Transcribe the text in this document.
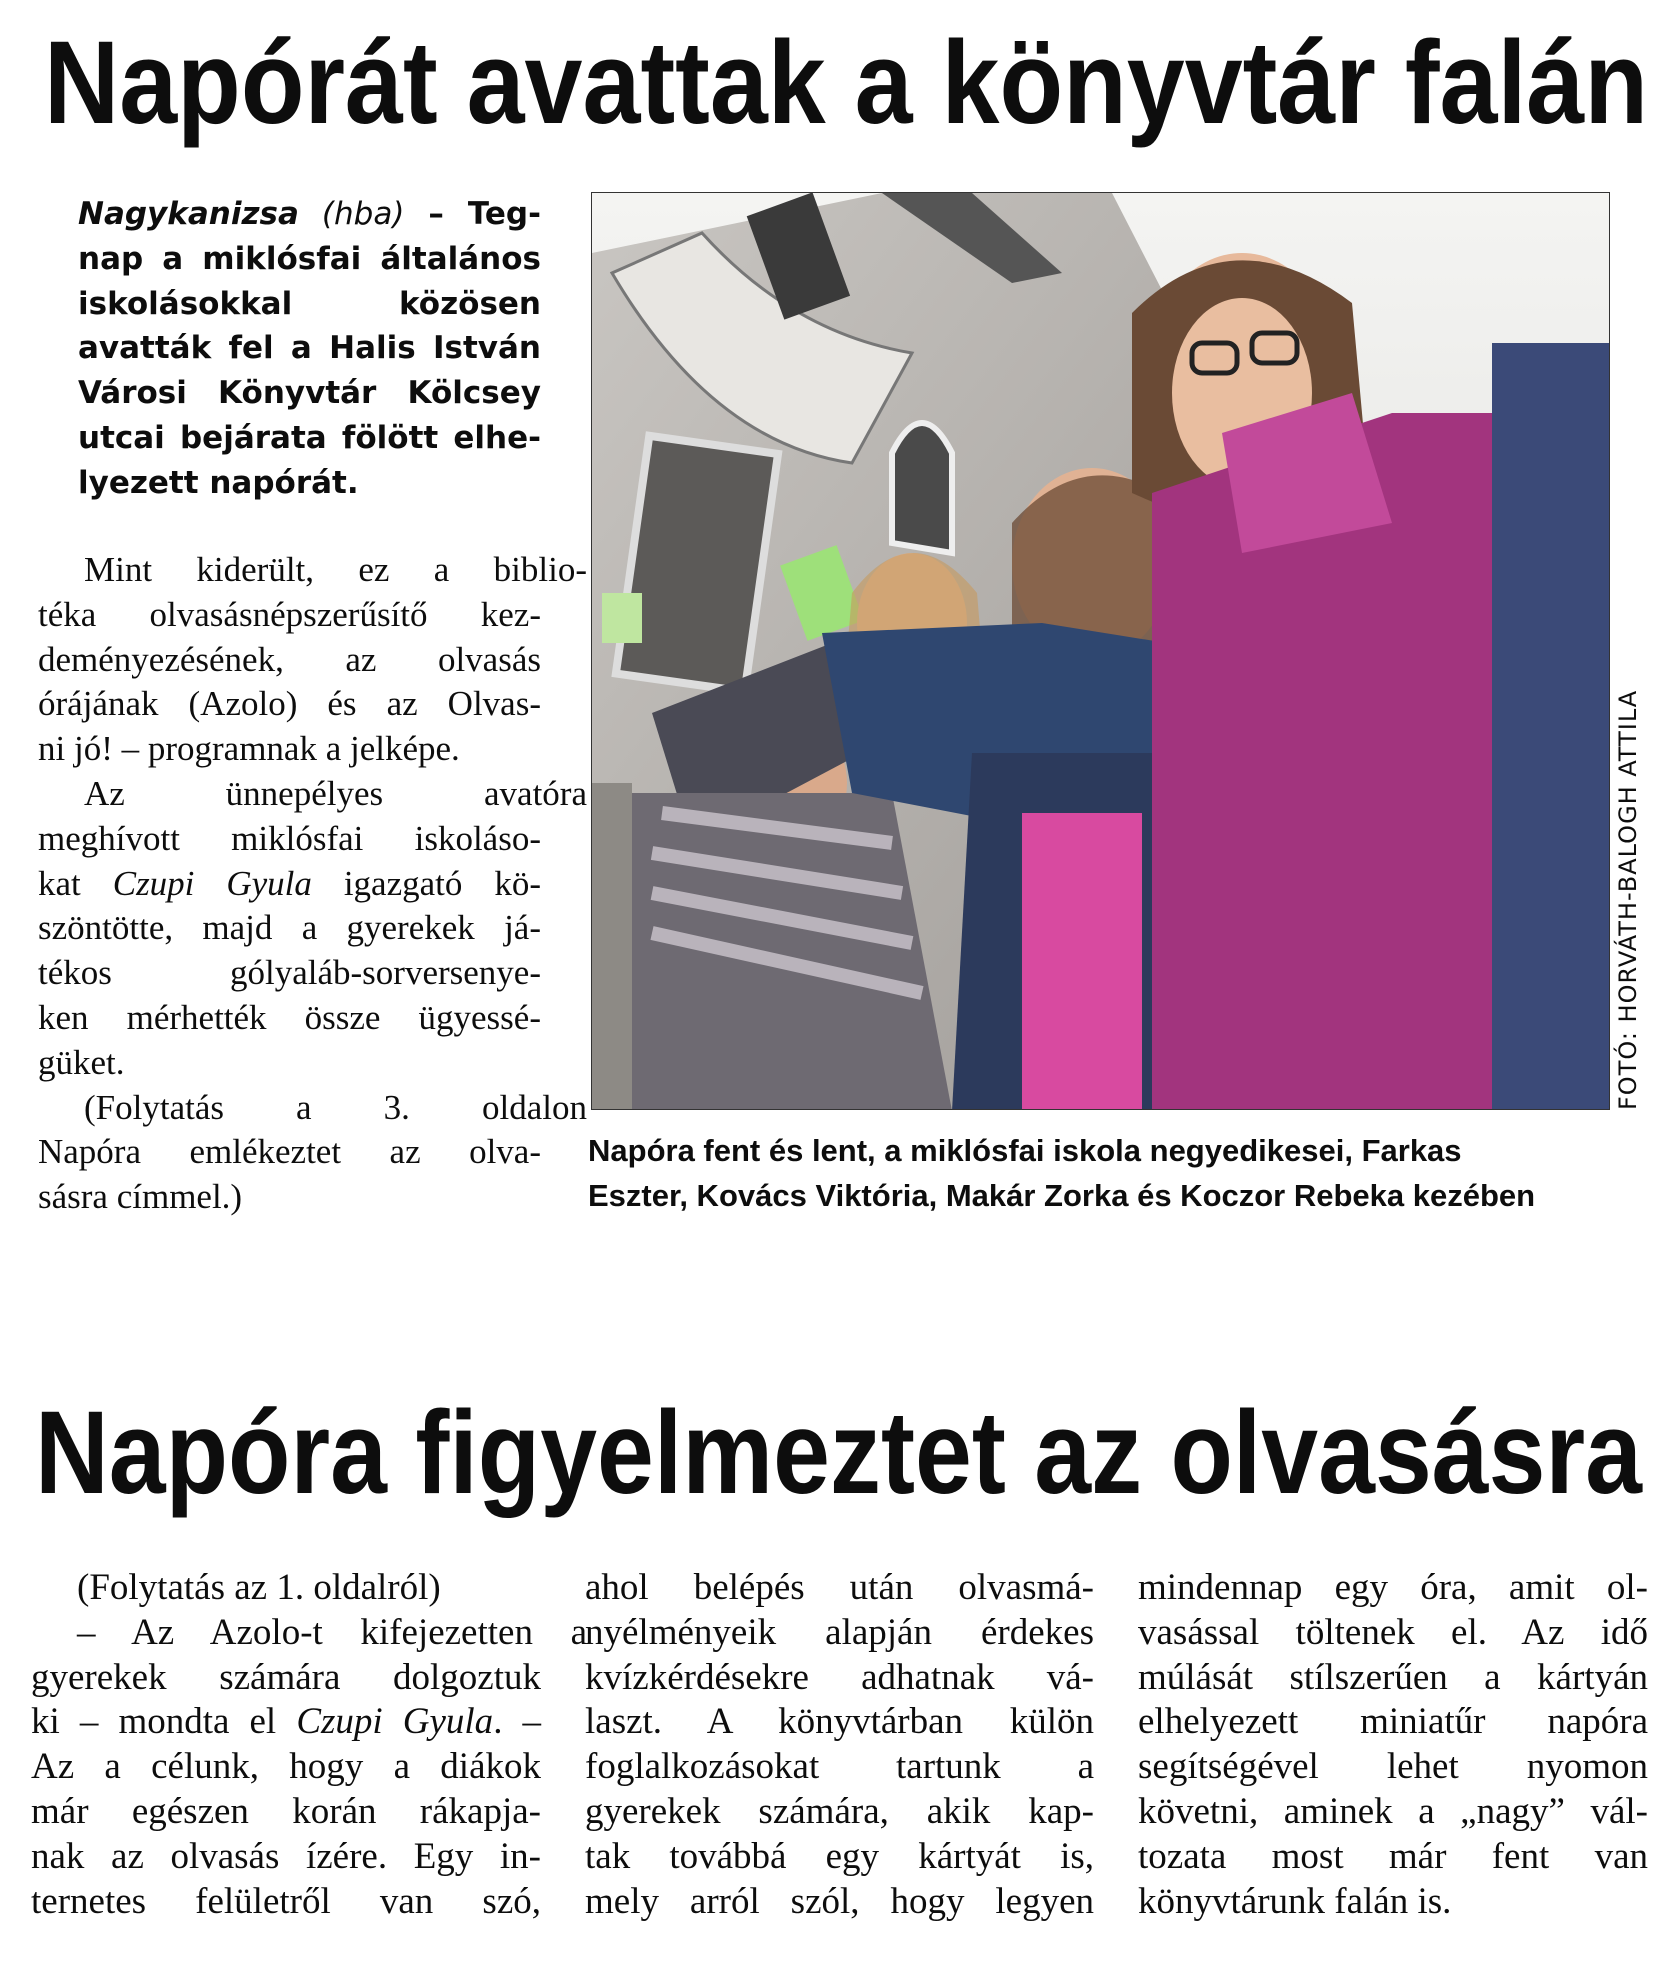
Napórát avattak a könyvtár falán
Nagykanizsa (hba) – Teg-
nap a miklósfai általános
iskolásokkal közösen
avatták fel a Halis István
Városi Könyvtár Kölcsey
utcai bejárata fölött elhe-
lyezett napórát.
Mint kiderült, ez a biblio-
téka olvasásnépszerűsítő kez-
deményezésének, az olvasás
órájának (Azolo) és az Olvas-
ni jó! – programnak a jelképe.
Az ünnepélyes avatóra
meghívott miklósfai iskoláso-
kat Czupi Gyula igazgató kö-
szöntötte, majd a gyerekek já-
tékos gólyaláb-sorversenye-
ken mérhették össze ügyessé-
güket.
(Folytatás a 3. oldalon
Napóra emlékeztet az olva-
sásra címmel.)
Napóra fent és lent, a miklósfai iskola negyedikesei, Farkas
Eszter, Kovács Viktória, Makár Zorka és Koczor Rebeka kezében
FOTÓ: HORVÁTH-BALOGH ATTILA
Napóra figyelmeztet az olvasásra
(Folytatás az 1. oldalról)
– Az Azolo-t kifejezetten a
gyerekek számára dolgoztuk
ki – mondta el Czupi Gyula. –
Az a célunk, hogy a diákok
már egészen korán rákapja-
nak az olvasás ízére. Egy in-
ternetes felületről van szó,
ahol belépés után olvasmá-
nyélményeik alapján érdekes
kvízkérdésekre adhatnak vá-
laszt. A könyvtárban külön
foglalkozásokat tartunk a
gyerekek számára, akik kap-
tak továbbá egy kártyát is,
mely arról szól, hogy legyen
mindennap egy óra, amit ol-
vasással töltenek el. Az idő
múlását stílszerűen a kártyán
elhelyezett miniatűr napóra
segítségével lehet nyomon
követni, aminek a „nagy” vál-
tozata most már fent van
könyvtárunk falán is.
